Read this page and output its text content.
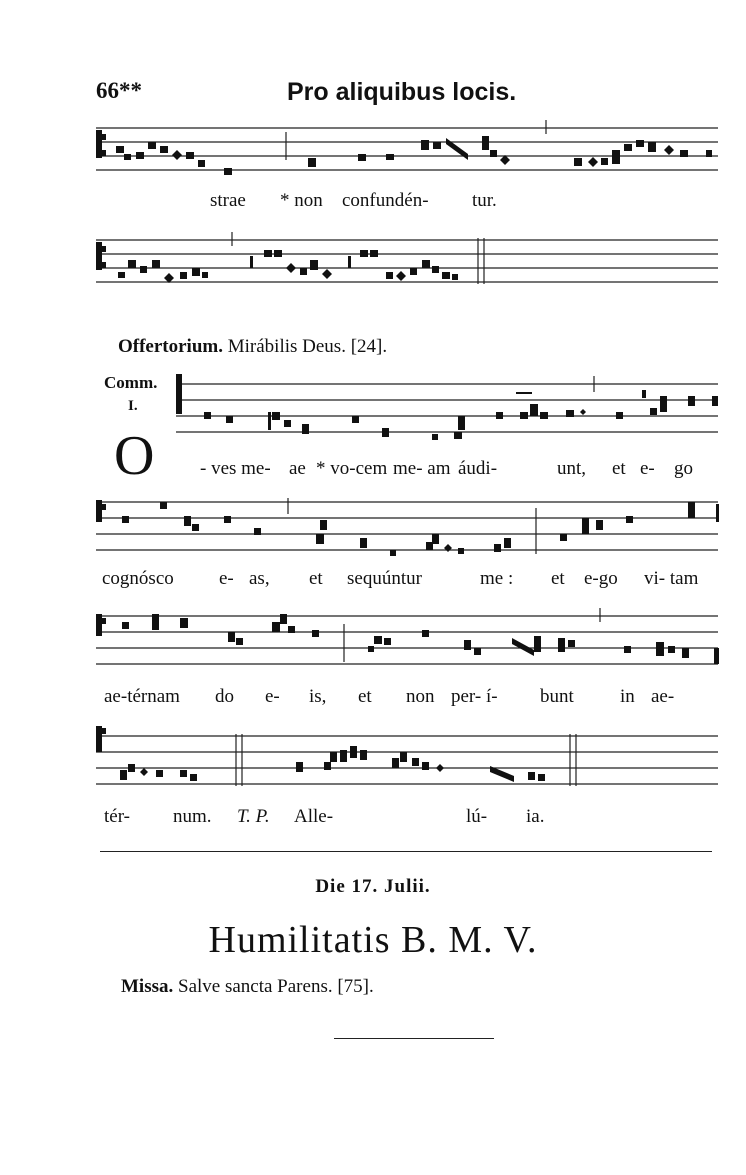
66**	Pro aliquibus locis.
strae * non confundén- tur.
Offertorium. Mirábilis Deus. [24].
Comm.
I.
O - ves me- ae * vo-cem me- am áudi-	unt, et e- go
cognósco e- as, et sequúntur	me : et e-go vi- tam
ae-térnam do e- is, et non per- í- bunt in ae-
tér- num. T. P. Alle-	lú- ia.
Die 17. Julii.
Humilitatis B. M. V.
Missa. Salve sancta Parens. [75].
